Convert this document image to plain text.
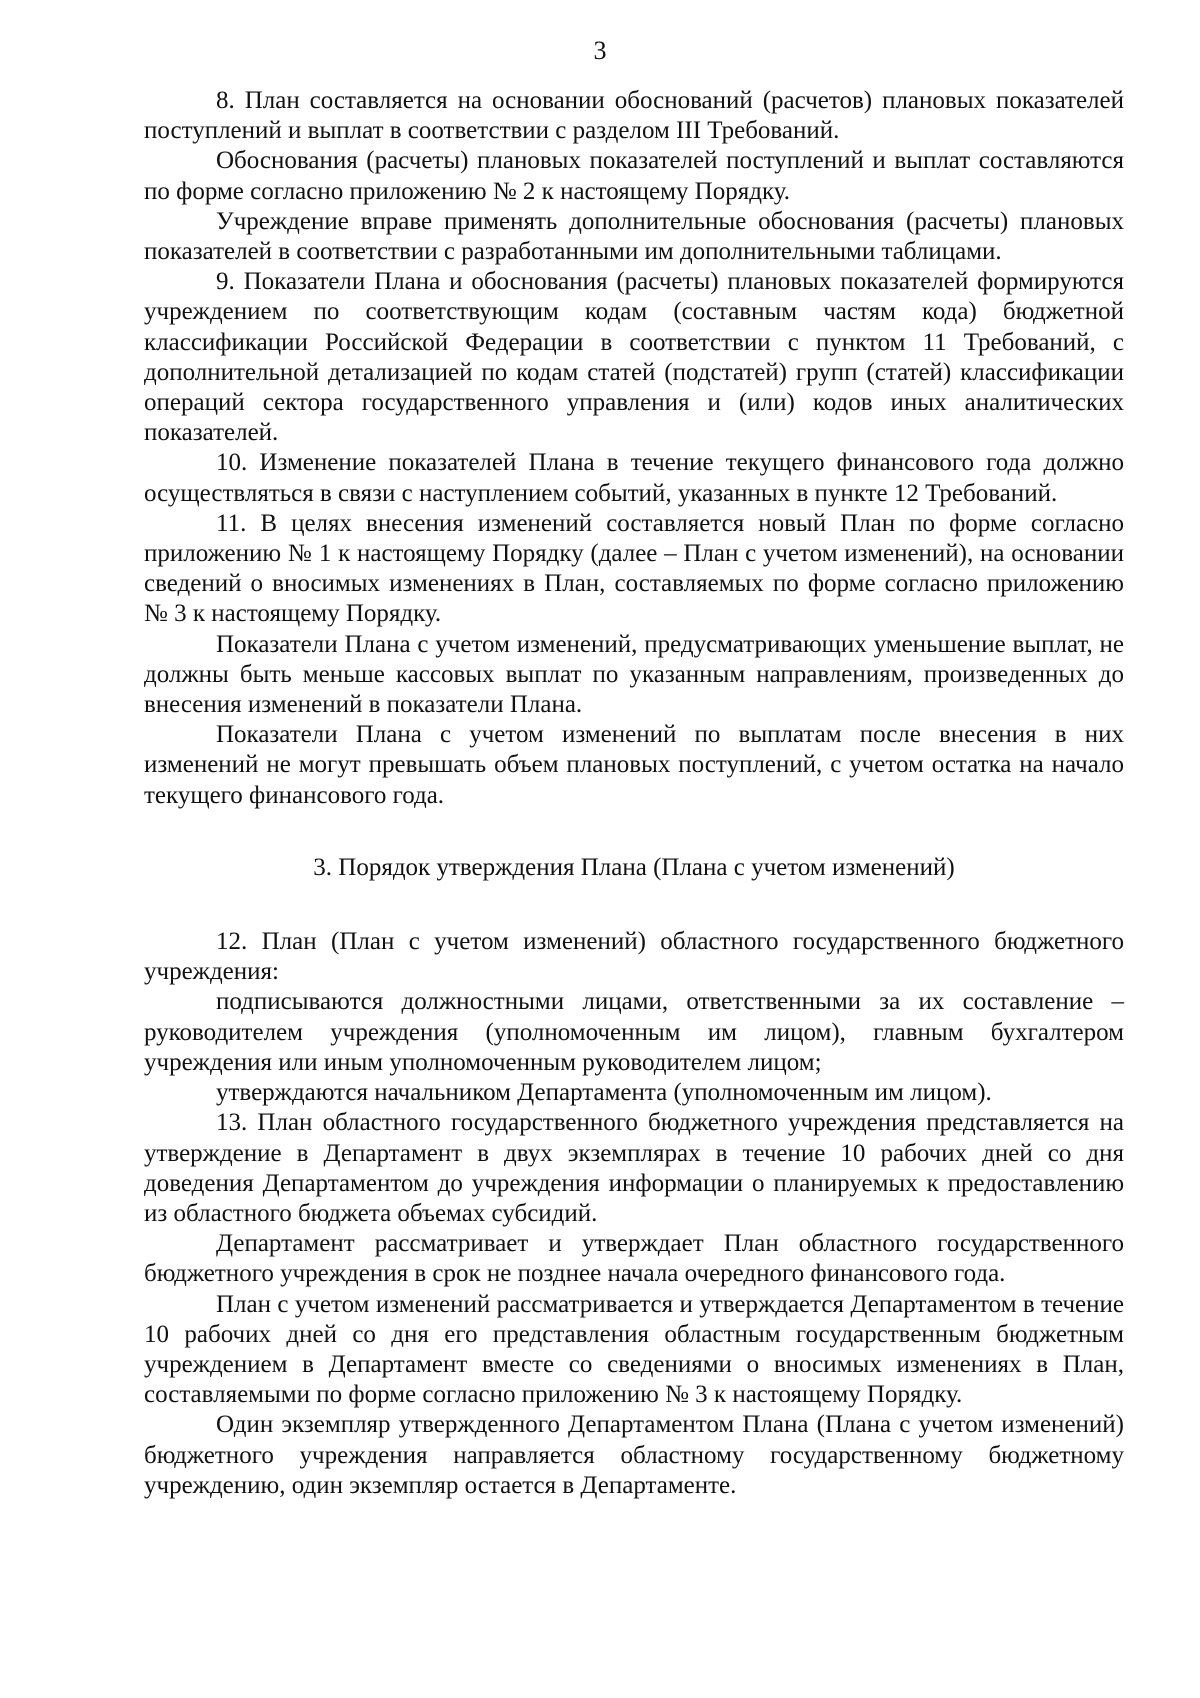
3

8. План составляется на основании обоснований (расчетов) плановых показателей поступлений и выплат в соответствии с разделом III Требований.

Обоснования (расчеты) плановых показателей поступлений и выплат составляются по форме согласно приложению № 2 к настоящему Порядку.

Учреждение вправе применять дополнительные обоснования (расчеты) плановых показателей в соответствии с разработанными им дополнительными таблицами.

9. Показатели Плана и обоснования (расчеты) плановых показателей формируются учреждением по соответствующим кодам (составным частям кода) бюджетной классификации Российской Федерации в соответствии с пунктом 11 Требований, с дополнительной детализацией по кодам статей (подстатей) групп (статей) классификации операций сектора государственного управления и (или) кодов иных аналитических показателей.

10. Изменение показателей Плана в течение текущего финансового года должно осуществляться в связи с наступлением событий, указанных в пункте 12 Требований.

11. В целях внесения изменений составляется новый План по форме согласно приложению № 1 к настоящему Порядку (далее – План с учетом изменений), на основании сведений о вносимых изменениях в План, составляемых по форме согласно приложению № 3 к настоящему Порядку.

Показатели Плана с учетом изменений, предусматривающих уменьшение выплат, не должны быть меньше кассовых выплат по указанным направлениям, произведенных до внесения изменений в показатели Плана.

Показатели Плана с учетом изменений по выплатам после внесения в них изменений не могут превышать объем плановых поступлений, с учетом остатка на начало текущего финансового года.

3. Порядок утверждения Плана (Плана с учетом изменений)

12. План (План с учетом изменений) областного государственного бюджетного учреждения:

подписываются должностными лицами, ответственными за их составление – руководителем учреждения (уполномоченным им лицом), главным бухгалтером учреждения или иным уполномоченным руководителем лицом;

утверждаются начальником Департамента (уполномоченным им лицом).

13. План областного государственного бюджетного учреждения представляется на утверждение в Департамент в двух экземплярах в течение 10 рабочих дней со дня доведения Департаментом до учреждения информации о планируемых к предоставлению из областного бюджета объемах субсидий.

Департамент рассматривает и утверждает План областного государственного бюджетного учреждения в срок не позднее начала очередного финансового года.

План с учетом изменений рассматривается и утверждается Департаментом в течение 10 рабочих дней со дня его представления областным государственным бюджетным учреждением в Департамент вместе со сведениями о вносимых изменениях в План, составляемыми по форме согласно приложению № 3 к настоящему Порядку.

Один экземпляр утвержденного Департаментом Плана (Плана с учетом изменений) бюджетного учреждения направляется областному государственному бюджетному учреждению, один экземпляр остается в Департаменте.
